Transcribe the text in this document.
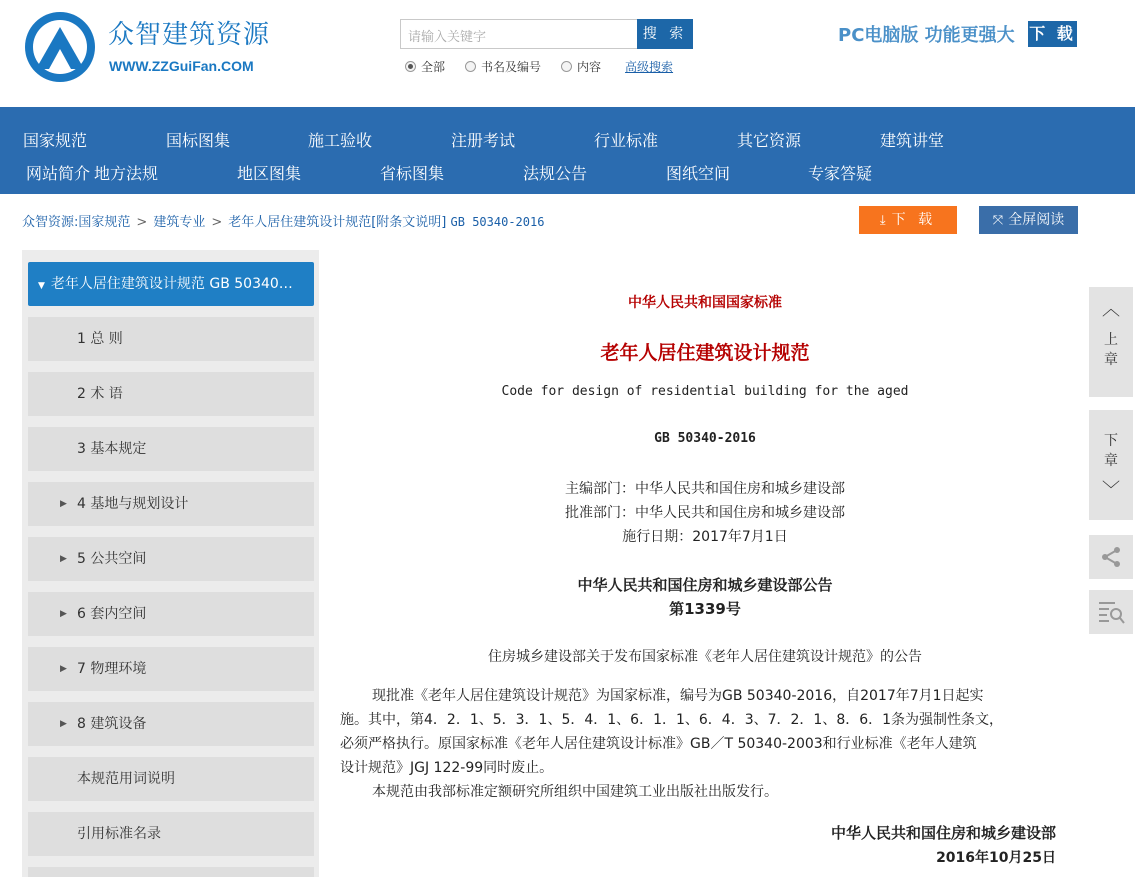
众智建筑资源
WWW.ZZGuiFan.COM
请输入关键字	搜 索
全部	书名及编号	内容 高级搜索
PC电脑版 功能更强大 下 载
国家规范	国标图集	施工验收	注册考试	行业标准	其它资源	建筑讲堂
网站简介 地方法规	地区图集	省标图集	法规公告	图纸空间	专家答疑
众智资源:国家规范 > 建筑专业 > 老年人居住建筑设计规范[附条文说明] GB 50340-2016	⤓ 下 载	⤧ 全屏阅读
▼ 老年人居住建筑设计规范 GB 50340…
1 总 则
2 术 语
3 基本规定
▶ 4 基地与规划设计
▶ 5 公共空间
▶ 6 套内空间
▶ 7 物理环境
▶ 8 建筑设备
本规范用词说明
引用标准名录
中华人民共和国国家标准
老年人居住建筑设计规范
Code for design of residential building for the aged
GB 50340-2016
主编部门：中华人民共和国住房和城乡建设部
批准部门：中华人民共和国住房和城乡建设部
施行日期：2017年7月1日
中华人民共和国住房和城乡建设部公告
第1339号
住房城乡建设部关于发布国家标准《老年人居住建筑设计规范》的公告
现批准《老年人居住建筑设计规范》为国家标准，编号为GB 50340-2016，自2017年7月1日起实
施。其中，第4．2．1、5．3．1、5．4．1、6．1．1、6．4．3、7．2．1、8．6．1条为强制性条文，
必须严格执行。原国家标准《老年人居住建筑设计标准》GB／T 50340-2003和行业标准《老年人建筑
设计规范》JGJ 122-99同时废止。
本规范由我部标准定额研究所组织中国建筑工业出版社出版发行。
中华人民共和国住房和城乡建设部
2016年10月25日
︿
上
章
下
章
﹀
